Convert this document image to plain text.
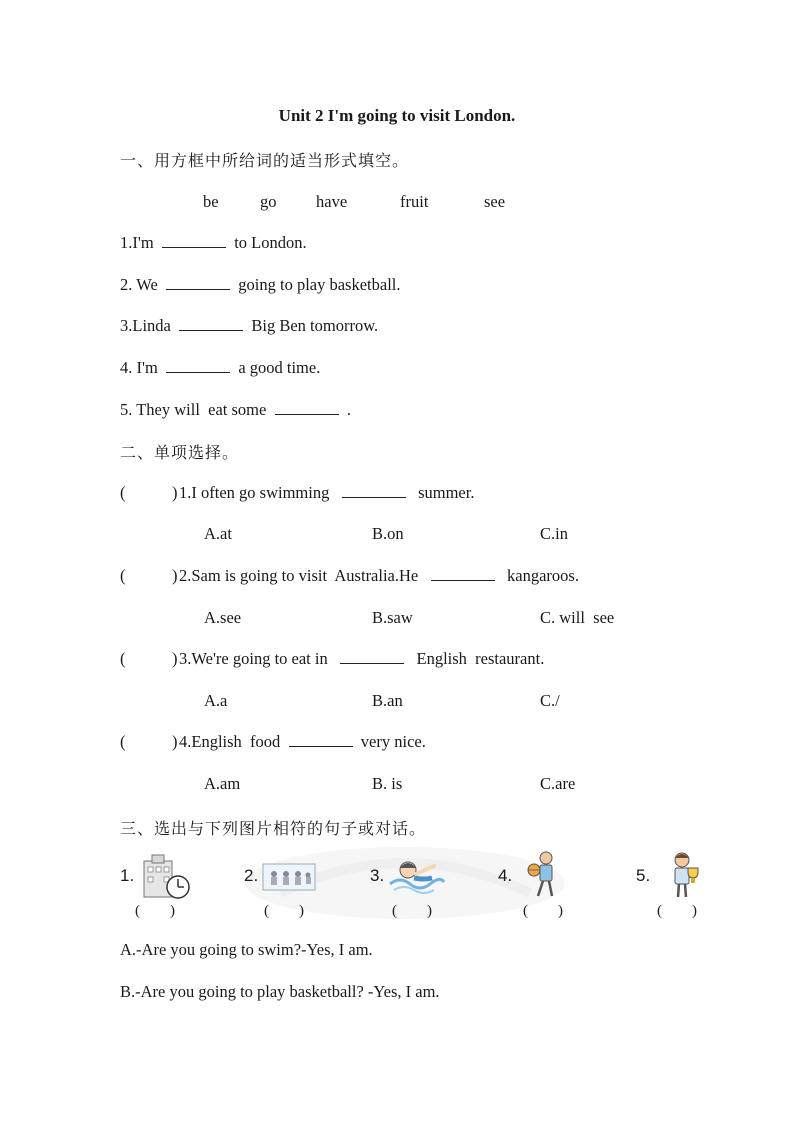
Unit 2 I'm going to visit London.
一、用方框中所给词的适当形式填空。
be	go have	fruit	see
1.I'm	to London.
2. We	going to play basketball.
3.Linda	Big Ben tomorrow.
4. I'm	a good time.
5. They will  eat some	.
二、单项选择。
(	) 1.I often go swimming	summer.
A.at	B.on	C.in
(	) 2.Sam is going to visit  Australia.He	kangaroos.
A.see	B.saw	C. will  see
(	) 3.We're going to eat in	English  restaurant.
A.a	B.an	C./
(	) 4.English  food	very nice.
A.am	B. is	C.are
三、选出与下列图片相符的句子或对话。
1.
(        )
2.
(        )
3.
(        )
4.
(        )
5.
(        )
A.-Are you going to swim?-Yes, I am.
B.-Are you going to play basketball? -Yes, I am.
